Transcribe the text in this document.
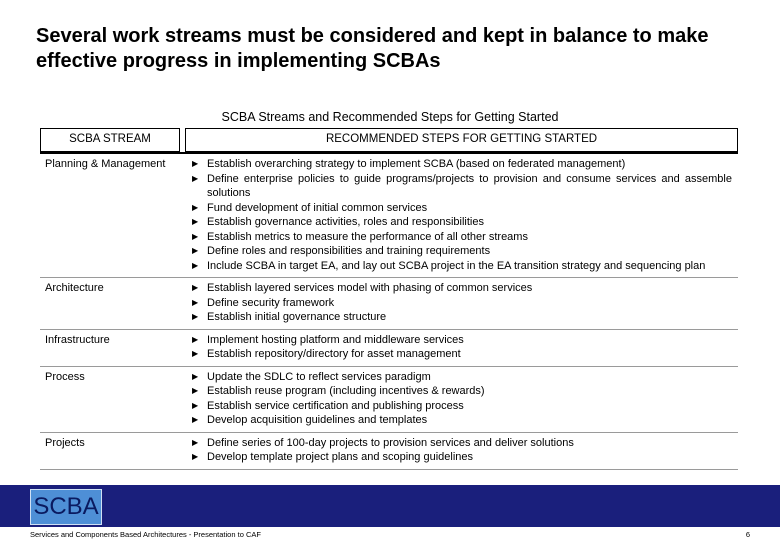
Several work streams must be considered and kept in balance to make effective progress in implementing SCBAs
SCBA Streams and Recommended Steps for Getting Started
SCBA STREAM	RECOMMENDED STEPS FOR GETTING STARTED
Planning & Management	▶ Establish overarching strategy to implement SCBA (based on federated management)
▶ Define enterprise policies to guide programs/projects to provision and consume services and assemble solutions
▶ Fund development of initial common services
▶ Establish governance activities, roles and responsibilities
▶ Establish metrics to measure the performance of all other streams
▶ Define roles and responsibilities and training requirements
▶ Include SCBA in target EA, and lay out SCBA project in the EA transition strategy and sequencing plan
Architecture	▶ Establish layered services model with phasing of common services
▶ Define security framework
▶ Establish initial governance structure
Infrastructure	▶ Implement hosting platform and middleware services
▶ Establish repository/directory for asset management
Process	▶ Update the SDLC to reflect services paradigm
▶ Establish reuse program (including incentives & rewards)
▶ Establish service certification and publishing process
▶ Develop acquisition guidelines and templates
Projects	▶ Define series of 100-day projects to provision services and deliver solutions
▶ Develop template project plans and scoping guidelines
SCBA
Services and Components Based Architectures - Presentation to CAF	6
